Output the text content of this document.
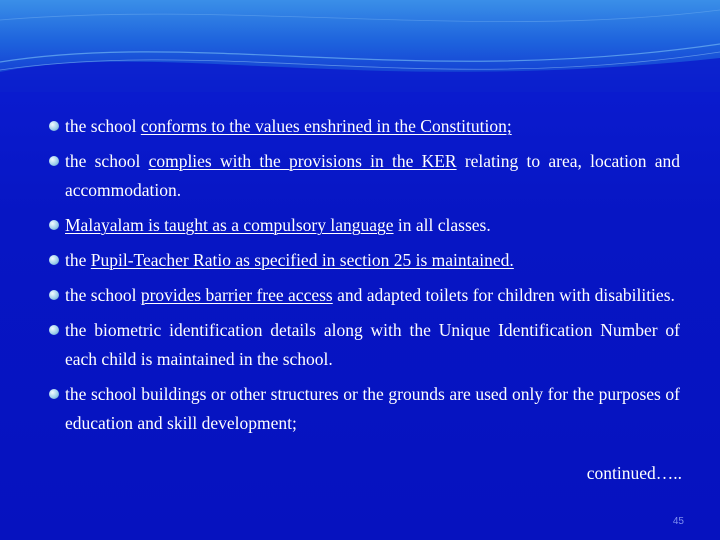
the school conforms to the values enshrined in the Constitution;
the school complies with the provisions in the KER relating to area, location and accommodation.
Malayalam is taught as a compulsory language in all classes.
the Pupil-Teacher Ratio as specified in section 25 is maintained.
the school provides barrier free access and adapted toilets for children with disabilities.
the biometric identification details along with the Unique Identification Number of each child is maintained in the school.
the school buildings or other structures or the grounds are used only for the purposes of education and skill development;
continued…..
45
